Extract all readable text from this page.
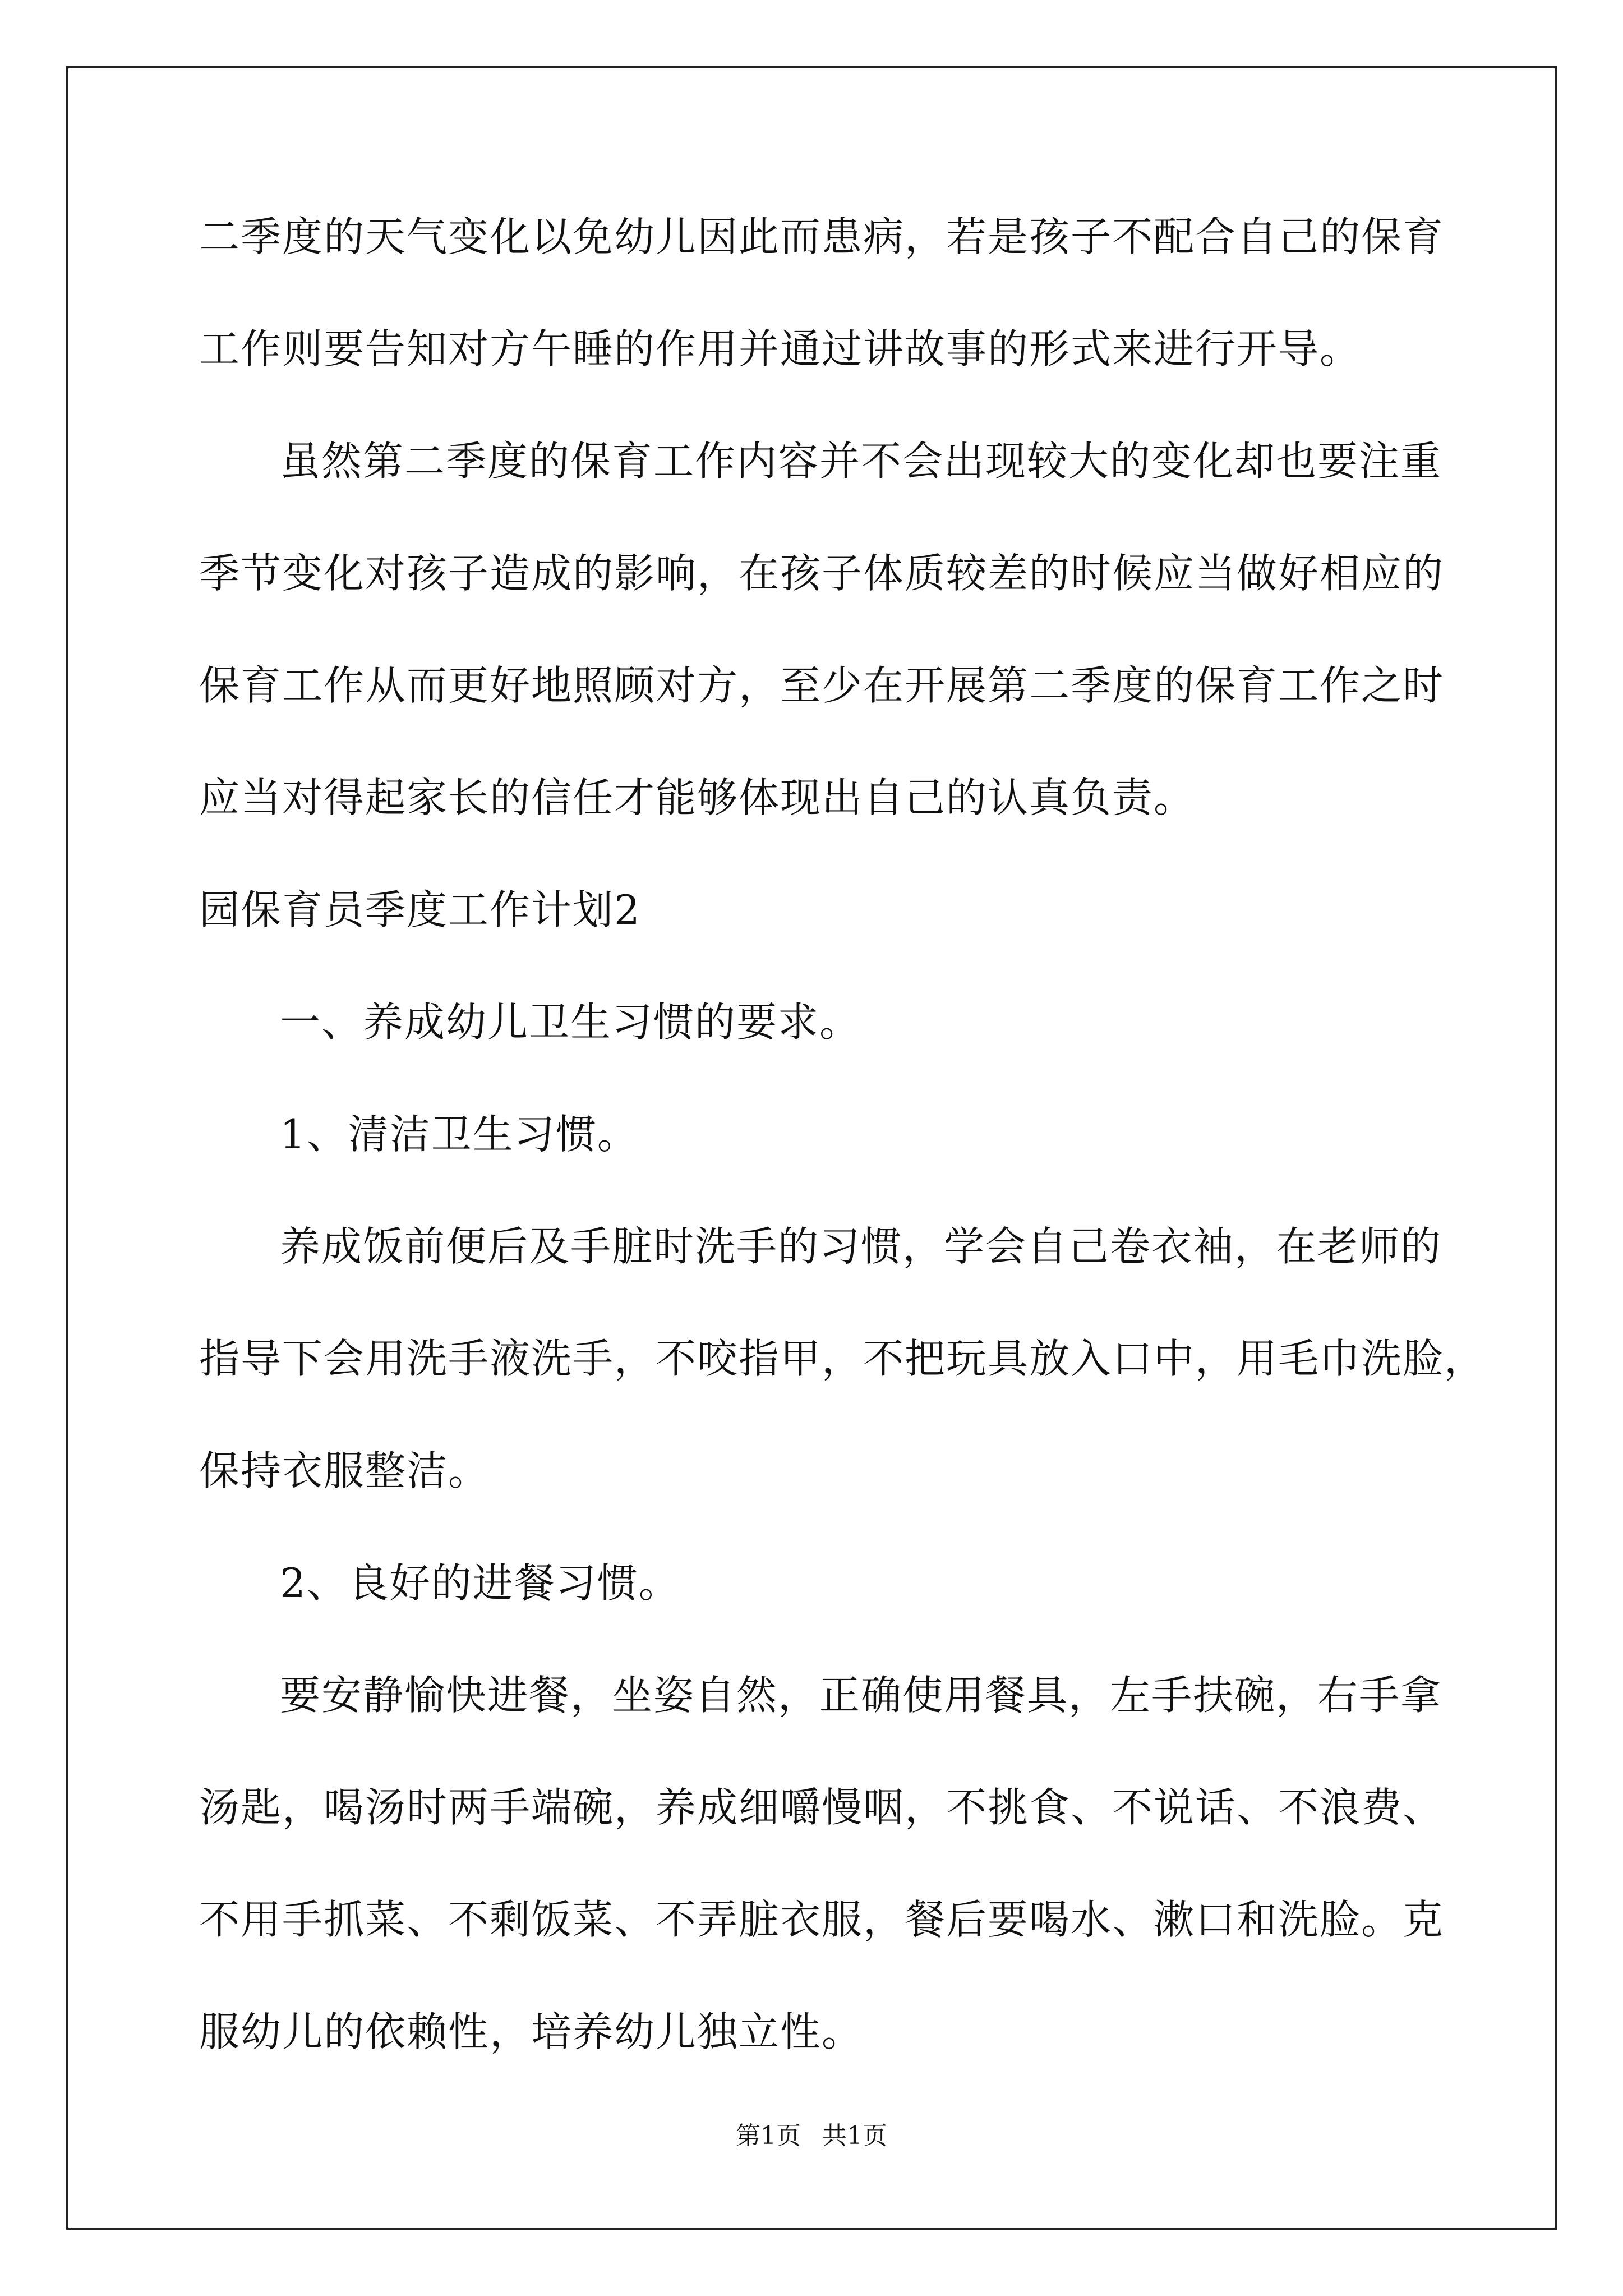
二季度的天气变化以免幼儿因此而患病，若是孩子不配合自己的保育
工作则要告知对方午睡的作用并通过讲故事的形式来进行开导。
虽然第二季度的保育工作内容并不会出现较大的变化却也要注重
季节变化对孩子造成的影响，在孩子体质较差的时候应当做好相应的
保育工作从而更好地照顾对方，至少在开展第二季度的保育工作之时
应当对得起家长的信任才能够体现出自己的认真负责。
园保育员季度工作计划2
一、养成幼儿卫生习惯的要求。
1、清洁卫生习惯。
养成饭前便后及手脏时洗手的习惯，学会自己卷衣袖，在老师的
指导下会用洗手液洗手，不咬指甲，不把玩具放入口中，用毛巾洗脸，
保持衣服整洁。
2、良好的进餐习惯。
要安静愉快进餐，坐姿自然，正确使用餐具，左手扶碗，右手拿
汤匙，喝汤时两手端碗，养成细嚼慢咽，不挑食、不说话、不浪费、
不用手抓菜、不剩饭菜、不弄脏衣服，餐后要喝水、漱口和洗脸。克
服幼儿的依赖性，培养幼儿独立性。
第1页 共1页
